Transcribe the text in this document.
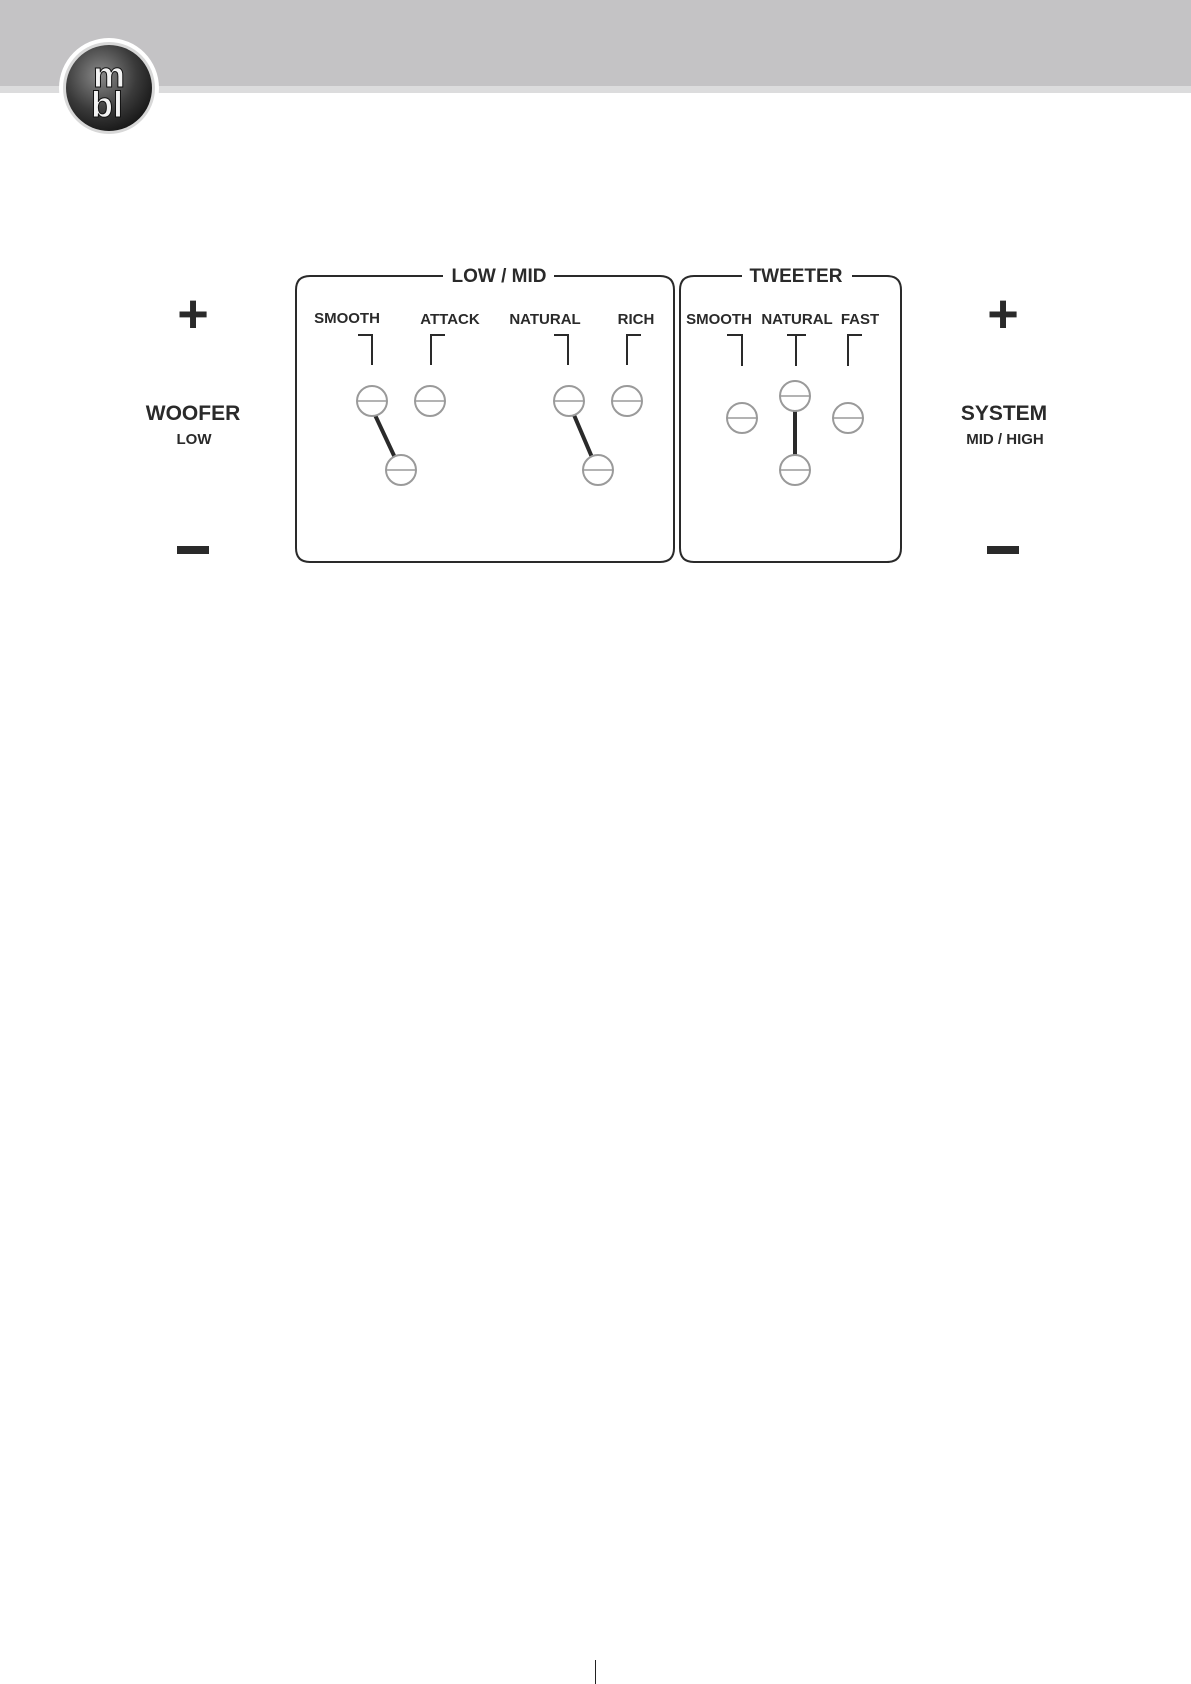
m
bl
+
WOOFER
LOW
+
SYSTEM
MID / HIGH
LOW / MID	TWEETER
SMOOTH	ATTACK NATURAL RICH SMOOTH NATURAL FAST
